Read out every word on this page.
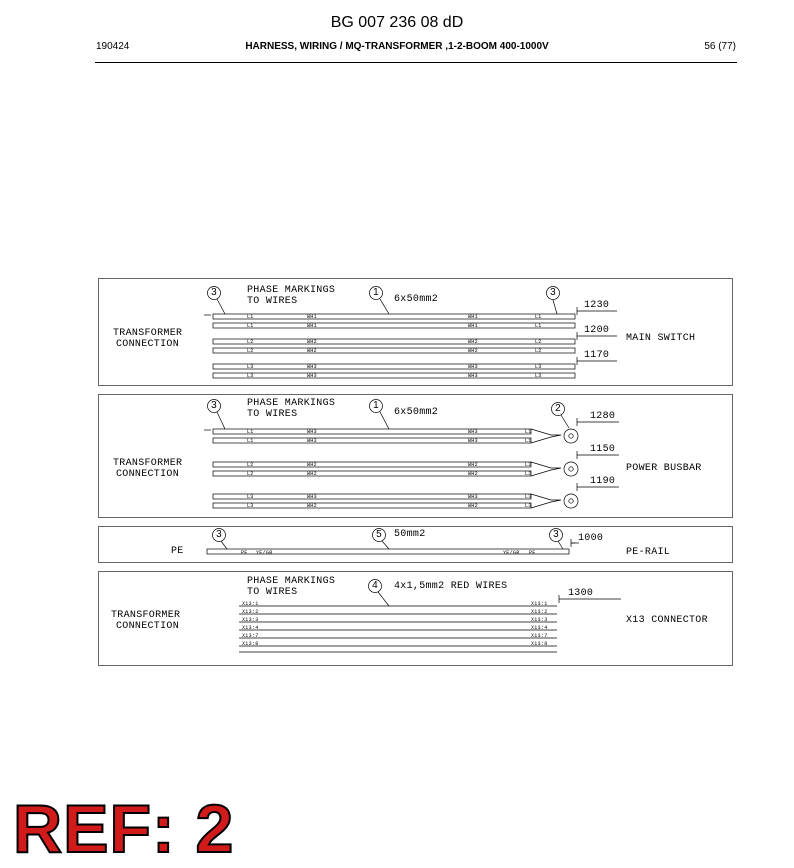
BG 007 236 08 dD
190424	HARNESS, WIRING / MQ-TRANSFORMER ,1-2-BOOM 400-1000V	56 (77)
TRANSFORMER
CONNECTION
MAIN SWITCH
PHASE MARKINGS
TO WIRES	6x50mm2
3	1	3
1230
1200
1170
L1	WH1	WH1	L1
L1	WH1	WH1	L1
L2	WH2	WH2	L2
L2	WH2	WH2	L2
L3	WH3	WH3	L3
L3	WH3	WH3	L3
TRANSFORMER
CONNECTION
POWER BUSBAR
PHASE MARKINGS
TO WIRES	6x50mm2
3	1	2
1280
1150
1190
L1	WH3	WH3	L1
L1	WH3	WH3	L1
L2	WH2	WH2	L2
L2	WH2	WH2	L2
L3	WH3	WH3	L3
L3	WH2	WH2	L3
PE	PE-RAIL
50mm2
3	5	3	1000
PE YE/GR	YE/GR PE
TRANSFORMER
CONNECTION
X13 CONNECTOR
PHASE MARKINGS
TO WIRES
4x1,5mm2 RED WIRES
4
1300
X13:1
X13:2
X13:3
X13:4
X13:7
X13:8
X13:1
X13:2
X13:3
X13:4
X13:7
X13:8
REF: 2
